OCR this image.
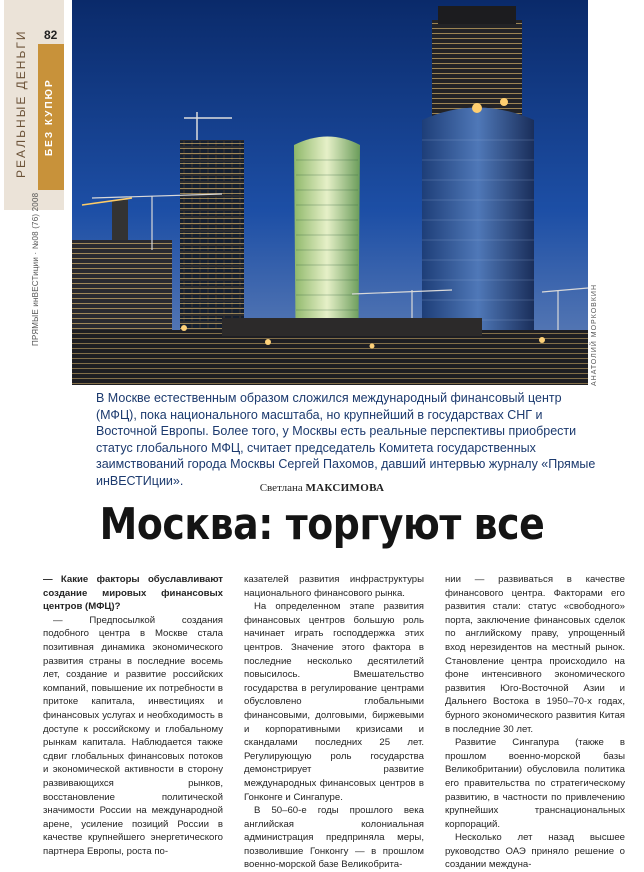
82
РЕАЛЬНЫЕ ДЕНЬГИ БЕЗ КУПЮР
ПРЯМЫЕ инВЕСТиции · №08 (76) 2008	АНАТОЛИЙ МОРКОВКИН

В Москве естественным образом сложился международный финансовый центр (МФЦ), пока национального масштаба, но крупнейший в государствах СНГ и Восточной Европы. Более того, у Москвы есть реальные перспективы приобрести статус глобального МФЦ, считает председатель Комитета государственных заимствований города Москвы Сергей Пахомов, давший интервью журналу «Прямые инВЕСТИции».

Светлана МАКСИМОВА
Москва: торгуют все

— Какие факторы обуславливают создание мировых финансовых центров (МФЦ)?

— Предпосылкой создания подобного центра в Москве стала позитивная динамика экономического развития страны в последние восемь лет, создание и развитие российских компаний, повышение их потребности в притоке капитала, инвестициях и финансовых услугах и необходимость в доступе к российскому и глобальному рынкам капитала. Наблюдается также сдвиг глобальных финансовых потоков и экономической активности в сторону развивающихся рынков, восстановление политической значимости России на международной арене, усиление позиций России в качестве крупнейшего энергетического партнера Европы, роста по-

казателей развития инфраструктуры национального финансового рынка.

На определенном этапе развития финансовых центров большую роль начинает играть господдержка этих центров. Значение этого фактора в последние несколько десятилетий повысилось. Вмешательство государства в регулирование центрами обусловлено глобальными финансовыми, долговыми, биржевыми и корпоративными кризисами и скандалами последних 25 лет. Регулирующую роль государства демонстрирует развитие международных финансовых центров в Гонконге и Сингапуре.

В 50–60-е годы прошлого века английская колониальная администрация предприняла меры, позволившие Гонконгу — в прошлом военно-морской базе Великобрита-

нии — развиваться в качестве финансового центра. Факторами его развития стали: статус «свободного» порта, заключение финансовых сделок по английскому праву, упрощенный вход нерезидентов на местный рынок. Становление центра происходило на фоне интенсивного экономического развития Юго-Восточной Азии и Дальнего Востока в 1950–70-х годах, бурного экономического развития Китая в последние 30 лет.

Развитие Сингапура (также в прошлом военно-морской базы Великобритании) обусловила политика его правительства по стратегическому развитию, в частности по привлечению крупнейших транснациональных корпораций.

Несколько лет назад высшее руководство ОАЭ приняло решение о создании междуна-
